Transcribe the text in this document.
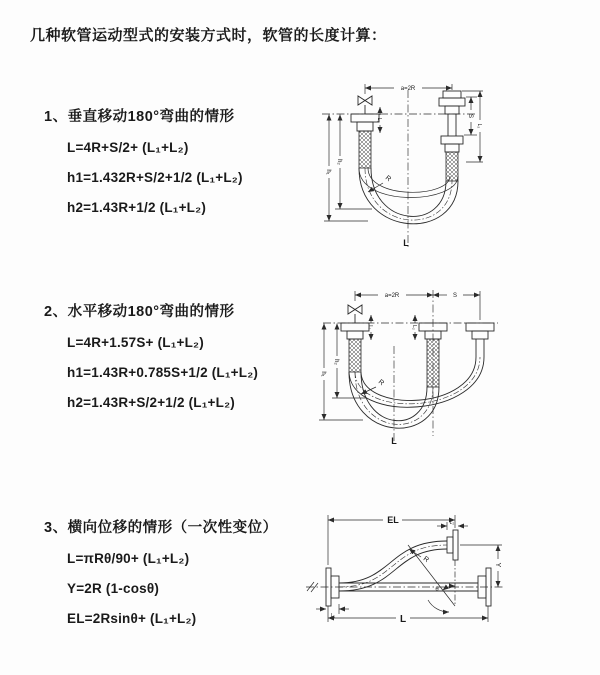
几种软管运动型式的安装方式时，软管的长度计算：
1、垂直移动180°弯曲的情形
L=4R+S/2+ (L₁+L₂)
h1=1.432R+S/2+1/2 (L₁+L₂)
h2=1.43R+1/2 (L₁+L₂)
2、水平移动180°弯曲的情形
L=4R+1.57S+ (L₁+L₂)
h1=1.43R+0.785S+1/2 (L₁+L₂)
h2=1.43R+S/2+1/2 (L₁+L₂)
3、横向位移的情形（一次性变位）
L=πRθ/90+ (L₁+L₂)
Y=2R (1-cosθ)
EL=2Rsinθ+ (L₁+L₂)
a=2R
h₁
h₂
L₁
S
L₂
R
L
a=2R	S
h₁
h₂
L₁	L₂
R
L
EL	L₂
θ
R
Y
L₁	L
